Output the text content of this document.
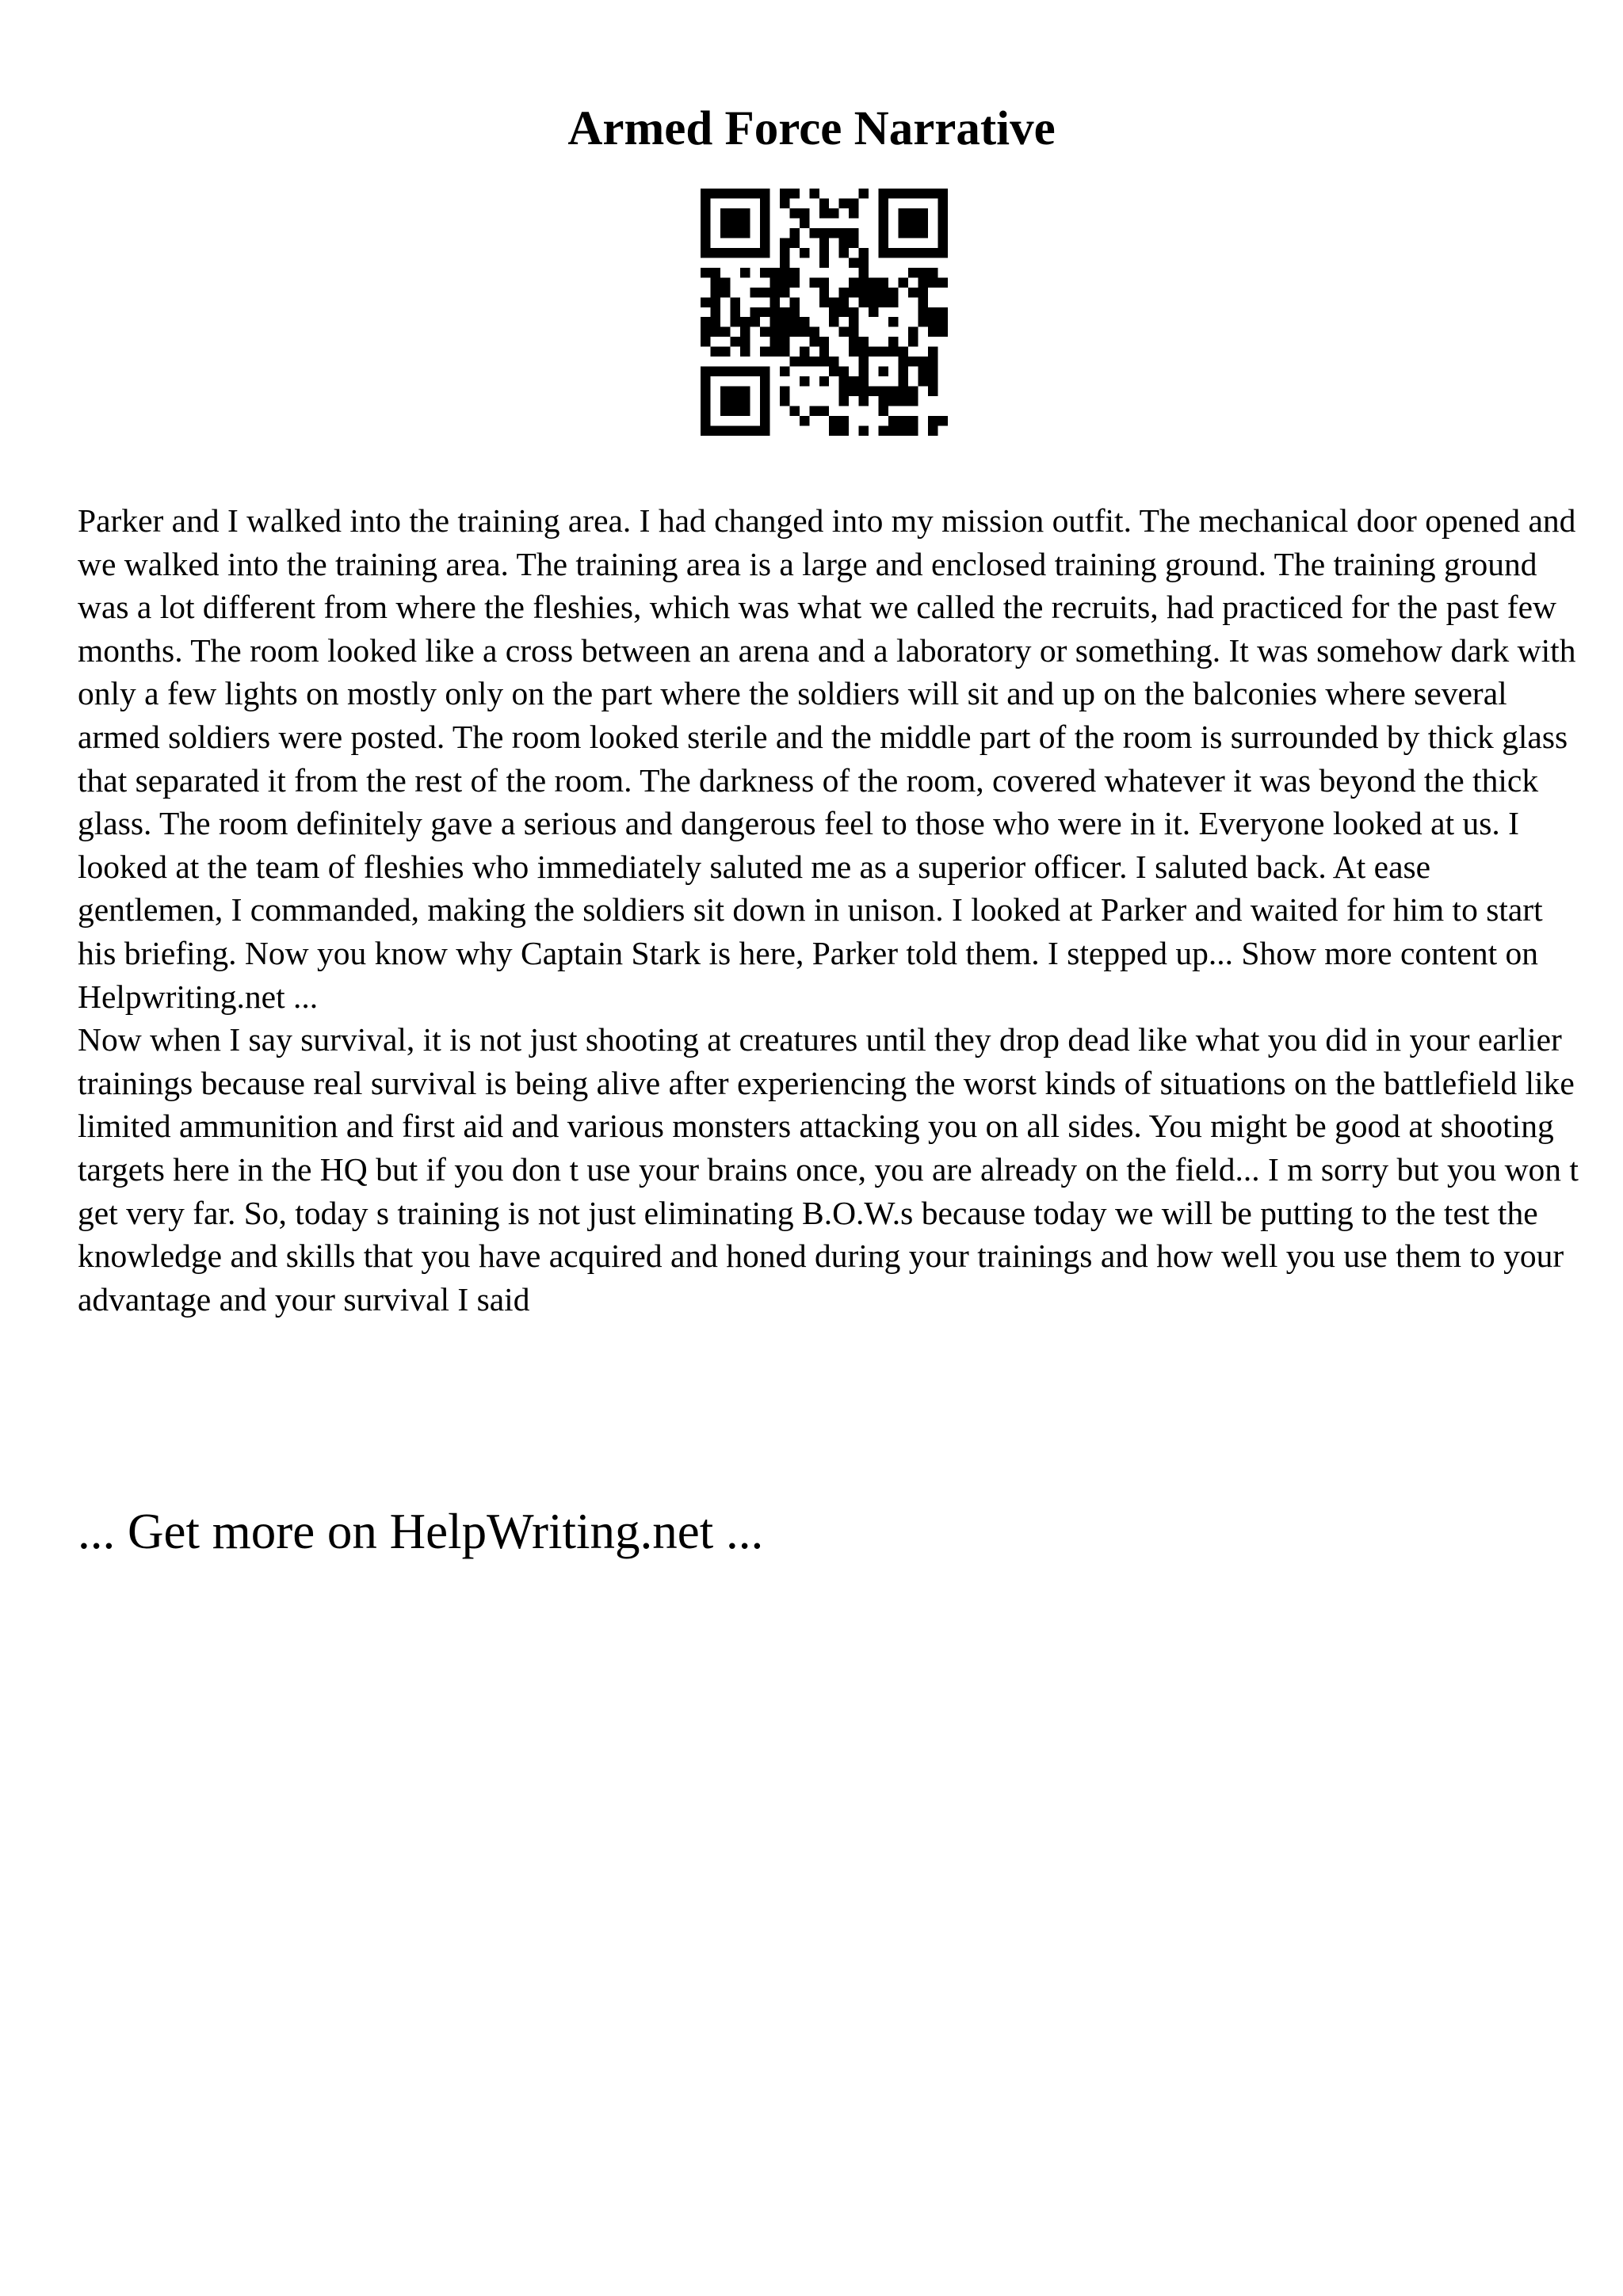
Armed Force Narrative

Parker and I walked into the training area. I had changed into my mission outfit. The mechanical door opened and we walked into the training area. The training area is a large and enclosed training ground. The training ground was a lot different from where the fleshies, which was what we called the recruits, had practiced for the past few months. The room looked like a cross between an arena and a laboratory or something. It was somehow dark with only a few lights on mostly only on the part where the soldiers will sit and up on the balconies where several armed soldiers were posted. The room looked sterile and the middle part of the room is surrounded by thick glass that separated it from the rest of the room. The darkness of the room, covered whatever it was beyond the thick glass. The room definitely gave a serious and dangerous feel to those who were in it. Everyone looked at us. I looked at the team of fleshies who immediately saluted me as a superior officer. I saluted back. At ease gentlemen, I commanded, making the soldiers sit down in unison. I looked at Parker and waited for him to start his briefing. Now you know why Captain Stark is here, Parker told them. I stepped up... Show more content on Helpwriting.net ...

Now when I say survival, it is not just shooting at creatures until they drop dead like what you did in your earlier trainings because real survival is being alive after experiencing the worst kinds of situations on the battlefield like limited ammunition and first aid and various monsters attacking you on all sides. You might be good at shooting targets here in the HQ but if you don t use your brains once, you are already on the field... I m sorry but you won t get very far. So, today s training is not just eliminating B.O.W.s because today we will be putting to the test the knowledge and skills that you have acquired and honed during your trainings and how well you use them to your advantage and your survival I said

... Get more on HelpWriting.net ...
